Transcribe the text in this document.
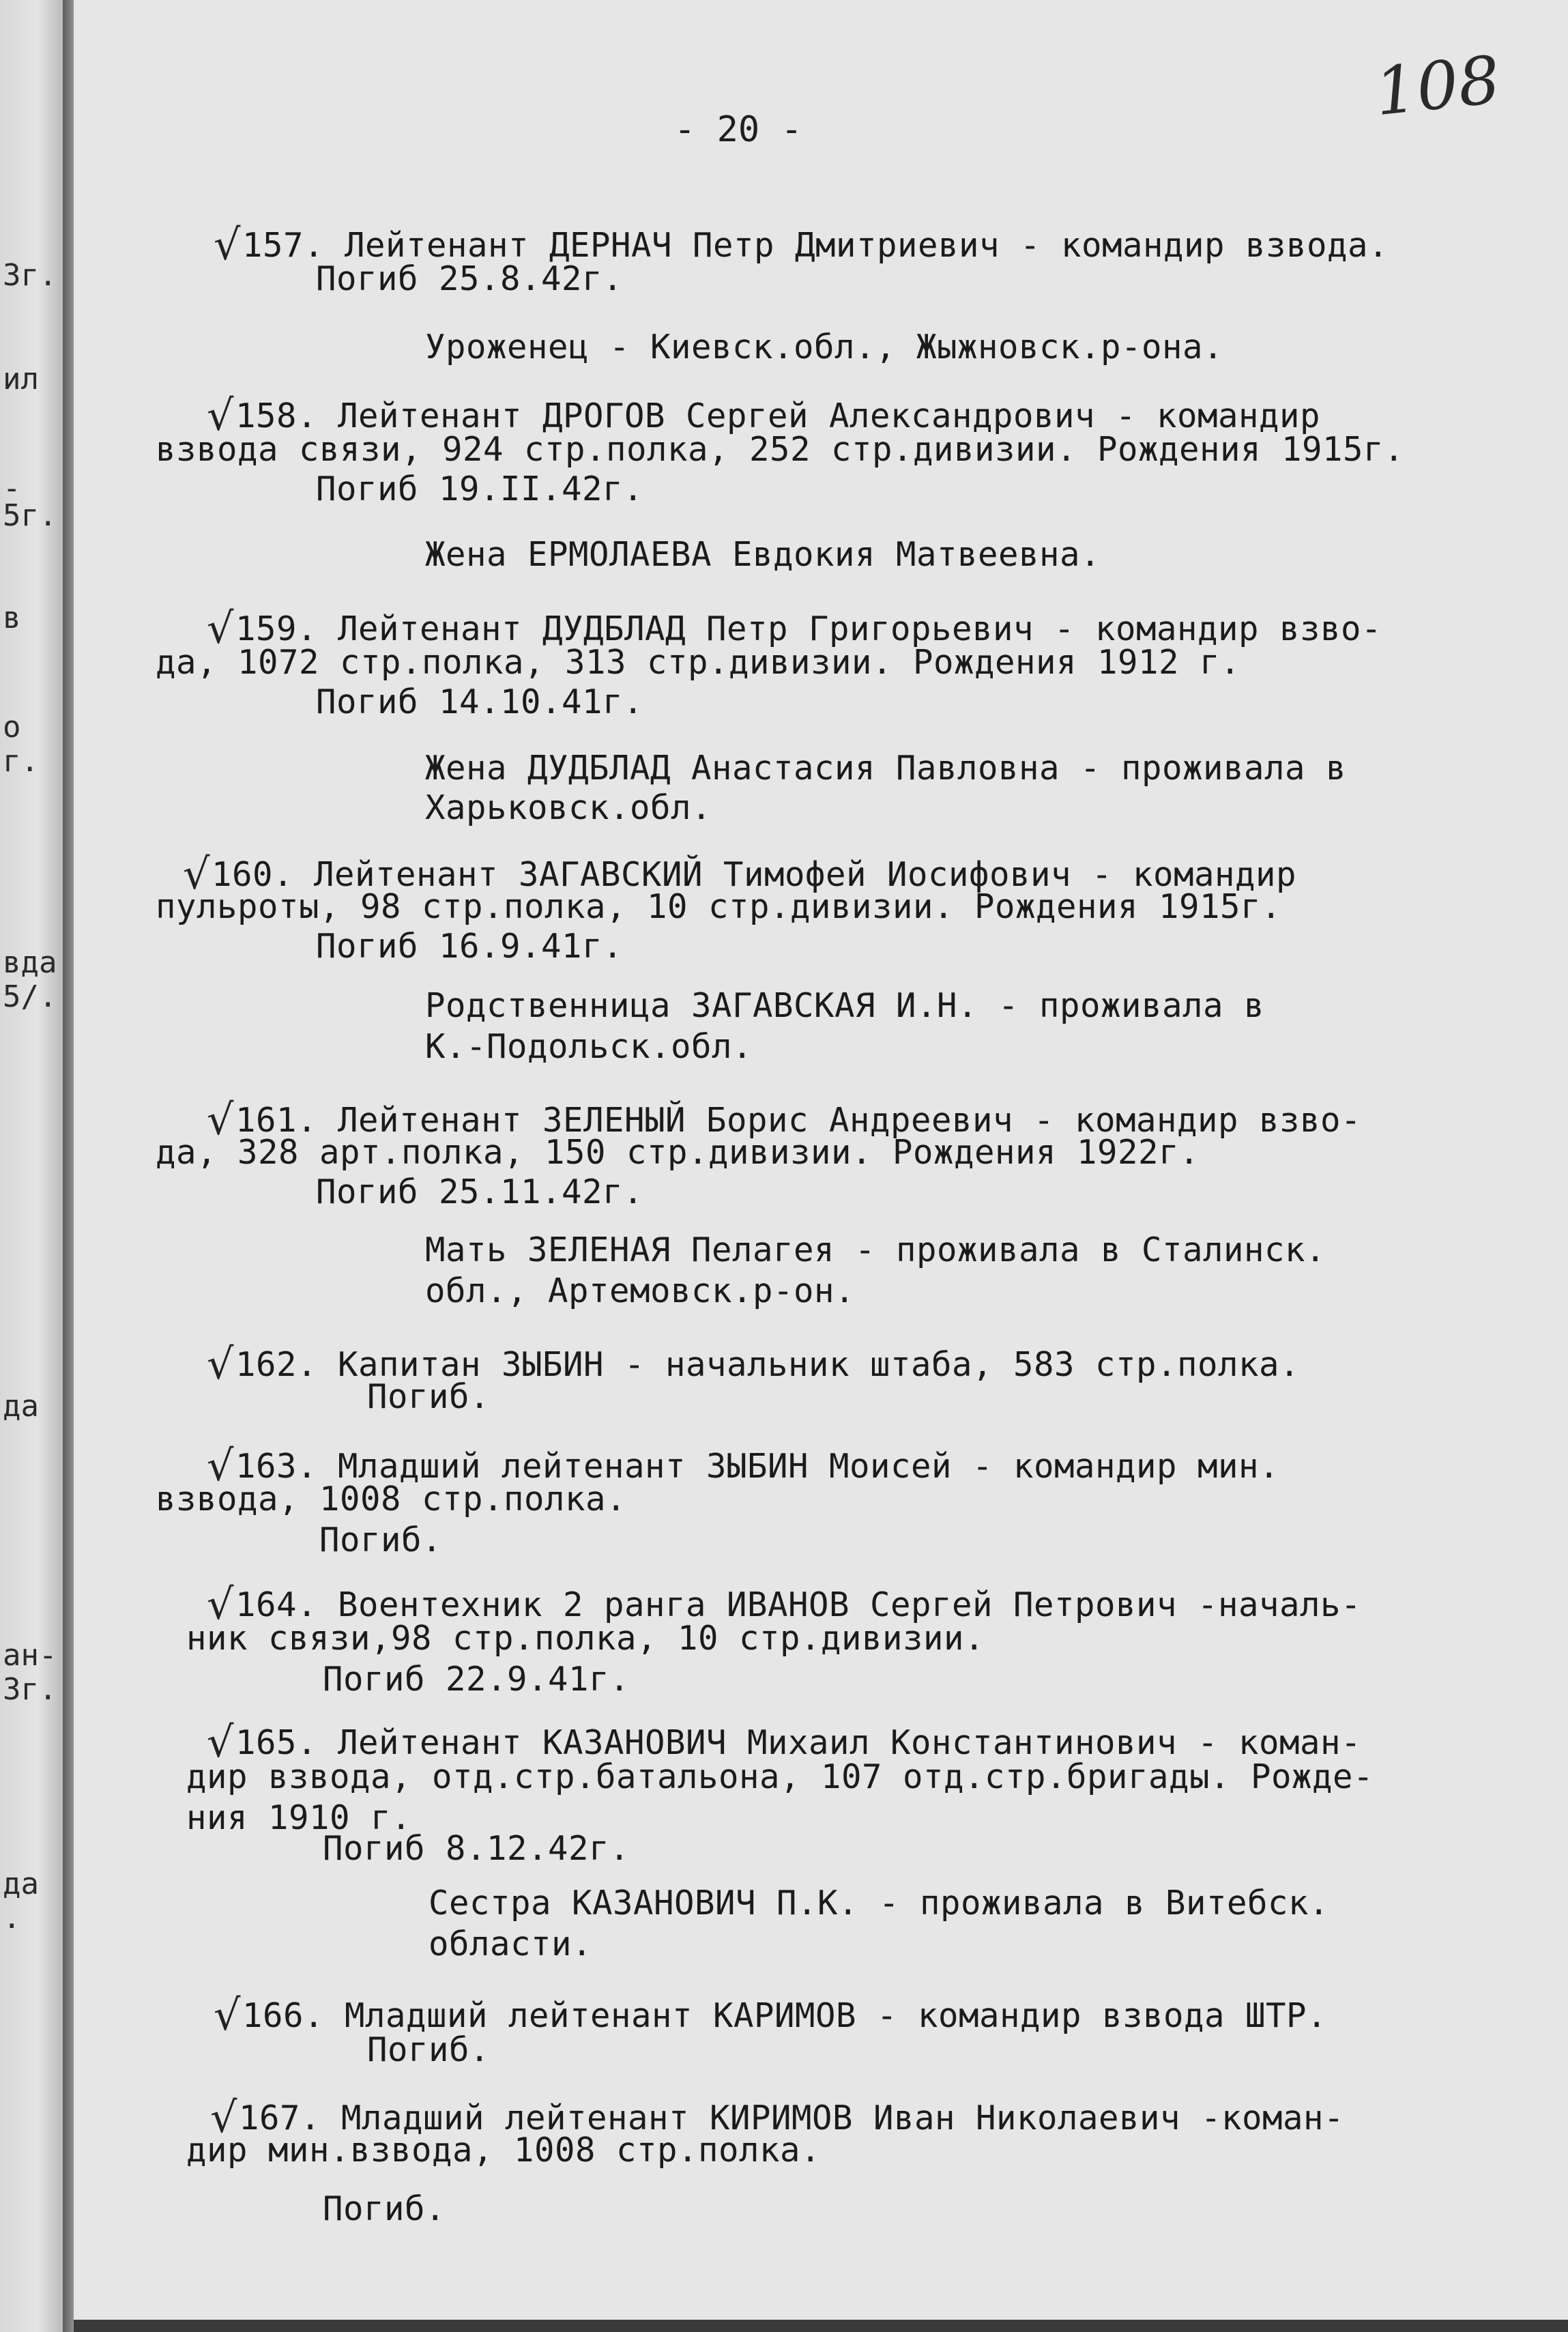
3г.
ил
-
5г.
в
о
г.
вда
5/.
да
ан-
3г.
да
.
108
- 20 -
√157. Лейтенант ДЕРНАЧ Петр Дмитриевич - командир взвода.
Погиб 25.8.42г.
Уроженец - Киевск.обл., Жыжновск.р-она.
√158. Лейтенант ДРОГОВ Сергей Александрович - командир
взвода связи, 924 стр.полка, 252 стр.дивизии. Рождения 1915г.
Погиб 19.II.42г.
Жена ЕРМОЛАЕВА Евдокия Матвеевна.
√159. Лейтенант ДУДБЛАД Петр Григорьевич - командир взво-
да, 1072 стр.полка, 313 стр.дивизии. Рождения 1912 г.
Погиб 14.10.41г.
Жена ДУДБЛАД Анастасия Павловна - проживала в
Харьковск.обл.
√160. Лейтенант ЗАГАВСКИЙ Тимофей Иосифович - командир
пульроты, 98 стр.полка, 10 стр.дивизии. Рождения 1915г.
Погиб 16.9.41г.
Родственница ЗАГАВСКАЯ И.Н. - проживала в
К.-Подольск.обл.
√161. Лейтенант ЗЕЛЕНЫЙ Борис Андреевич - командир взво-
да, 328 арт.полка, 150 стр.дивизии. Рождения 1922г.
Погиб 25.11.42г.
Мать ЗЕЛЕНАЯ Пелагея - проживала в Сталинск.
обл., Артемовск.р-он.
√162. Капитан ЗЫБИН - начальник штаба, 583 стр.полка.
Погиб.
√163. Младший лейтенант ЗЫБИН Моисей - командир мин.
взвода, 1008 стр.полка.
Погиб.
√164. Воентехник 2 ранга ИВАНОВ Сергей Петрович -началь-
ник связи,98 стр.полка, 10 стр.дивизии.
Погиб 22.9.41г.
√165. Лейтенант КАЗАНОВИЧ Михаил Константинович - коман-
дир взвода, отд.стр.батальона, 107 отд.стр.бригады. Рожде-
ния 1910 г.
Погиб 8.12.42г.
Сестра КАЗАНОВИЧ П.К. - проживала в Витебск.
области.
√166. Младший лейтенант КАРИМОВ - командир взвода ШТР.
Погиб.
√167. Младший лейтенант КИРИМОВ Иван Николаевич -коман-
дир мин.взвода, 1008 стр.полка.
Погиб.
